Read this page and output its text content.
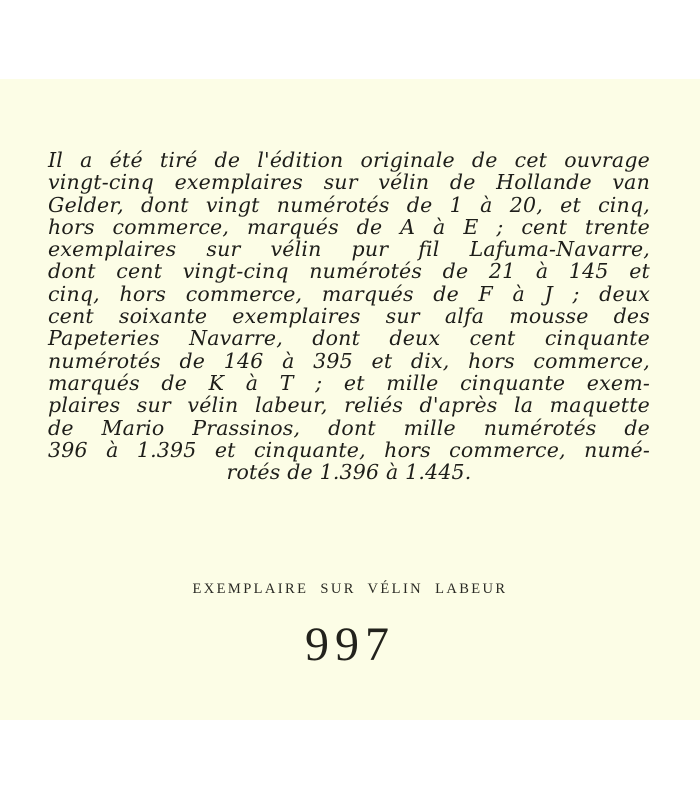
Il a été tiré de l'édition originale de cet ouvrage
vingt-cinq exemplaires sur vélin de Hollande van
Gelder, dont vingt numérotés de 1 à 20, et cinq,
hors commerce, marqués de A à E ; cent trente
exemplaires sur vélin pur fil Lafuma-Navarre,
dont cent vingt-cinq numérotés de 21 à 145 et
cinq, hors commerce, marqués de F à J ; deux
cent soixante exemplaires sur alfa mousse des
Papeteries Navarre, dont deux cent cinquante
numérotés de 146 à 395 et dix, hors commerce,
marqués de K à T ; et mille cinquante exem-
plaires sur vélin labeur, reliés d'après la maquette
de Mario Prassinos, dont mille numérotés de
396 à 1.395 et cinquante, hors commerce, numé-
rotés de 1.396 à 1.445.
EXEMPLAIRE SUR VÉLIN LABEUR
997
